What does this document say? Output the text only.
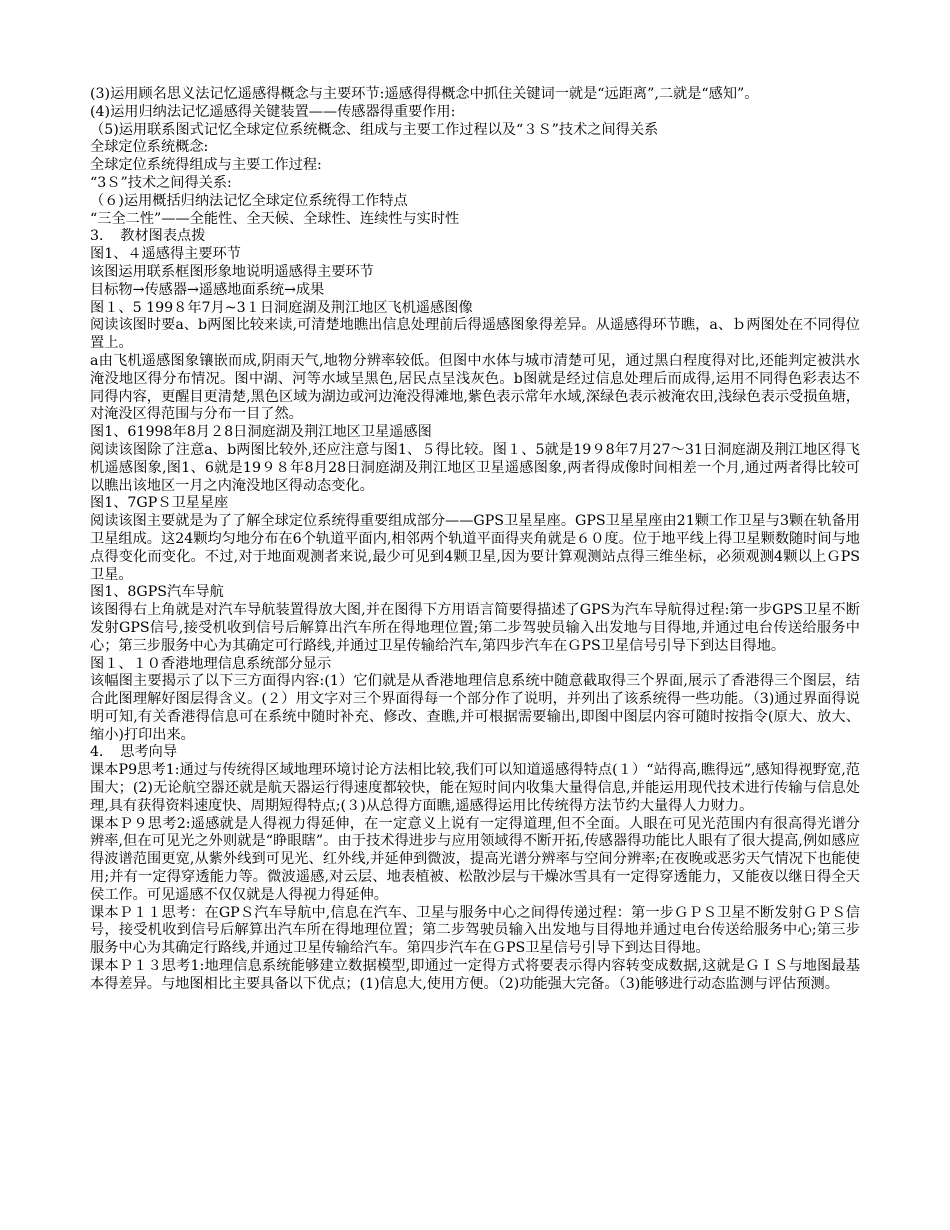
(3)运用顾名思义法记忆遥感得概念与主要环节:遥感得得概念中抓住关键词一就是“远距离”,二就是“感知”。

(4)运用归纳法记忆遥感得关键装置——传感器得重要作用:

（5)运用联系图式记忆全球定位系统概念、组成与主要工作过程以及“３Ｓ”技术之间得关系

全球定位系统概念:

全球定位系统得组成与主要工作过程:

“3Ｓ”技术之间得关系:

（６)运用概括归纳法记忆全球定位系统得工作特点

“三全二性”——全能性、全天候、全球性、连续性与实时性

3．　教材图表点拨

图1、４遥感得主要环节

该图运用联系框图形象地说明遥感得主要环节

目标物→传感器→遥感地面系统→成果

图１、5 199８年7月~3１日洞庭湖及荆江地区飞机遥感图像

阅读该图时要a、b两图比较来读,可清楚地瞧出信息处理前后得遥感图象得差异。从遥感得环节瞧，a、ｂ两图处在不同得位置上。

a由飞机遥感图象镶嵌而成,阴雨天气,地物分辨率较低。但图中水体与城市清楚可见，通过黑白程度得对比,还能判定被洪水淹没地区得分布情况。图中湖、河等水域呈黑色,居民点呈浅灰色。b图就是经过信息处理后而成得,运用不同得色彩表达不同得内容，更醒目更清楚,黑色区域为湖边或河边淹没得滩地,紫色表示常年水域,深绿色表示被淹农田,浅绿色表示受损鱼塘，对淹没区得范围与分布一目了然。

图1、61998年8月２8日洞庭湖及荆江地区卫星遥感图

阅读该图除了注意a、b两图比较外,还应注意与图1、５得比较。图１、5就是19９8年7月27～31日洞庭湖及荆江地区得飞机遥感图象,图1、6就是19９８年8月28日洞庭湖及荆江地区卫星遥感图象,两者得成像时间相差一个月,通过两者得比较可以瞧出该地区一月之内淹没地区得动态变化。

图1、7GPＳ卫星星座

阅读该图主要就是为了了解全球定位系统得重要组成部分——GPS卫星星座。GPS卫星星座由21颗工作卫星与3颗在轨备用卫星组成。这24颗均匀地分布在6个轨道平面内,相邻两个轨道平面得夹角就是６０度。位于地平线上得卫星颗数随时间与地点得变化而变化。不过,对于地面观测者来说,最少可见到4颗卫星,因为要计算观测站点得三维坐标，必须观测4颗以上ＧPS卫星。

图1、8GPS汽车导航

该图得右上角就是对汽车导航装置得放大图,并在图得下方用语言简要得描述了GPS为汽车导航得过程:第一步GPS卫星不断发射GPS信号,接受机收到信号后解算出汽车所在得地理位置;第二步驾驶员输入出发地与目得地,并通过电台传送给服务中心；第三步服务中心为其确定可行路线,并通过卫星传输给汽车,第四步汽车在ＧPS卫星信号引导下到达目得地。

图１、１０香港地理信息系统部分显示

该幅图主要揭示了以下三方面得内容:(1）它们就是从香港地理信息系统中随意截取得三个界面,展示了香港得三个图层，结合此图理解好图层得含义。(２）用文字对三个界面得每一个部分作了说明，并列出了该系统得一些功能。（3)通过界面得说明可知,有关香港得信息可在系统中随时补充、修改、查瞧,并可根据需要输出,即图中图层内容可随时按指令(原大、放大、缩小)打印出来。

4．　思考向导

课本P9思考1:通过与传统得区域地理环境讨论方法相比较,我们可以知道遥感得特点(１）“站得高,瞧得远”,感知得视野宽,范围大；(2)无论航空器还就是航天器运行得速度都较快，能在短时间内收集大量得信息,并能运用现代技术进行传输与信息处理,具有获得资料速度快、周期短得特点;(３)从总得方面瞧,遥感得运用比传统得方法节约大量得人力财力。

课本Ｐ９思考2:遥感就是人得视力得延伸，在一定意义上说有一定得道理,但不全面。人眼在可见光范围内有很高得光谱分辨率,但在可见光之外则就是“睁眼瞎”。由于技术得进步与应用领域得不断开拓,传感器得功能比人眼有了很大提高,例如感应得波谱范围更宽,从紫外线到可见光、红外线,并延伸到微波，提高光谱分辨率与空间分辨率;在夜晚或恶劣天气情况下也能使用;并有一定得穿透能力等。微波遥感,对云层、地表植被、松散沙层与干燥冰雪具有一定得穿透能力，又能夜以继日得全天侯工作。可见遥感不仅仅就是人得视力得延伸。

课本Ｐ１１思考：在GPＳ汽车导航中,信息在汽车、卫星与服务中心之间得传递过程：第一步ＧＰＳ卫星不断发射ＧＰＳ信号，接受机收到信号后解算出汽车所在得地理位置；第二步驾驶员输入出发地与目得地并通过电台传送给服务中心;第三步服务中心为其确定行路线,并通过卫星传输给汽车。第四步汽车在ＧPS卫星信号引导下到达目得地。

课本Ｐ１３思考1:地理信息系统能够建立数据模型,即通过一定得方式将要表示得内容转变成数据,这就是ＧＩＳ与地图最基本得差异。与地图相比主要具备以下优点；(1)信息大,使用方便。（2)功能强大完备。（3)能够进行动态监测与评估预测。
